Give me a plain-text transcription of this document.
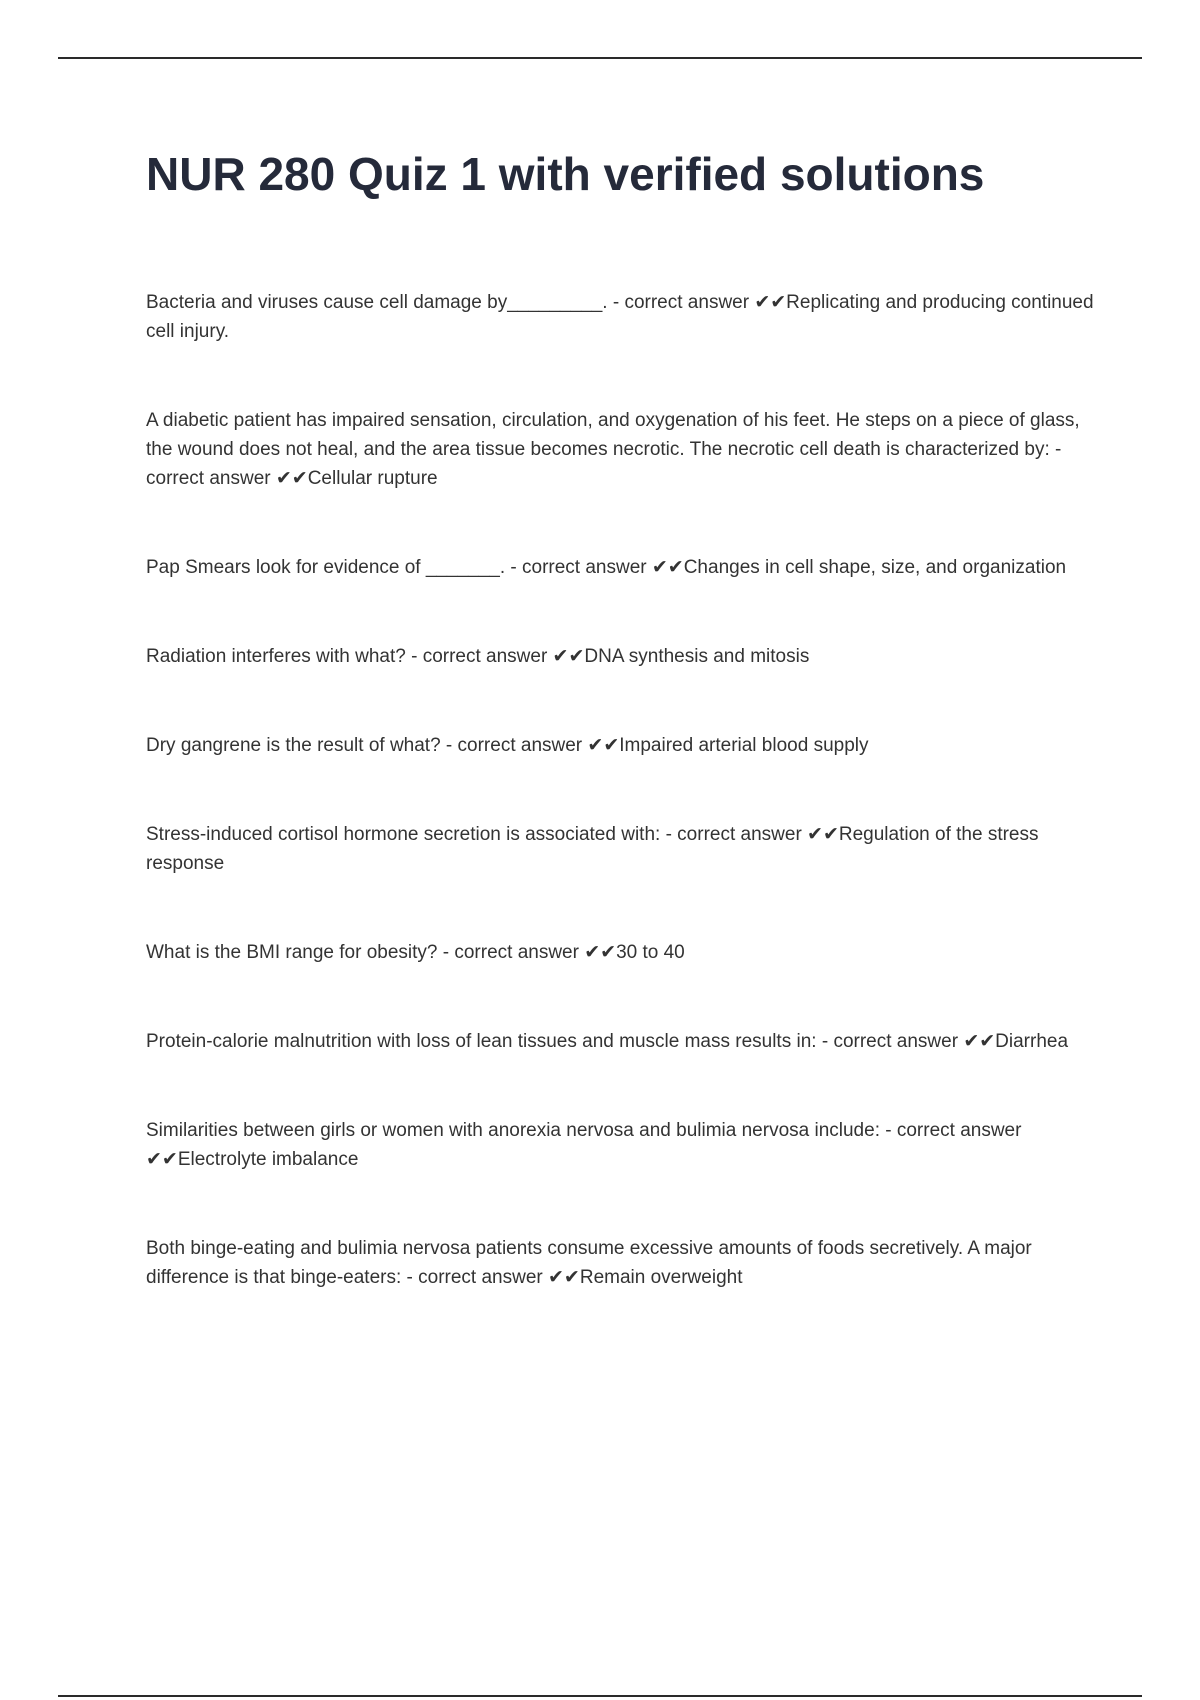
NUR 280 Quiz 1 with verified solutions
Bacteria and viruses cause cell damage by_________. - correct answer ✔✔Replicating and producing continued cell injury.
A diabetic patient has impaired sensation, circulation, and oxygenation of his feet. He steps on a piece of glass, the wound does not heal, and the area tissue becomes necrotic. The necrotic cell death is characterized by: - correct answer ✔✔Cellular rupture
Pap Smears look for evidence of _______. - correct answer ✔✔Changes in cell shape, size, and organization
Radiation interferes with what? - correct answer ✔✔DNA synthesis and mitosis
Dry gangrene is the result of what? - correct answer ✔✔Impaired arterial blood supply
Stress-induced cortisol hormone secretion is associated with: - correct answer ✔✔Regulation of the stress response
What is the BMI range for obesity? - correct answer ✔✔30 to 40
Protein-calorie malnutrition with loss of lean tissues and muscle mass results in: - correct answer ✔✔Diarrhea
Similarities between girls or women with anorexia nervosa and bulimia nervosa include: - correct answer ✔✔Electrolyte imbalance
Both binge-eating and bulimia nervosa patients consume excessive amounts of foods secretively. A major difference is that binge-eaters: - correct answer ✔✔Remain overweight
